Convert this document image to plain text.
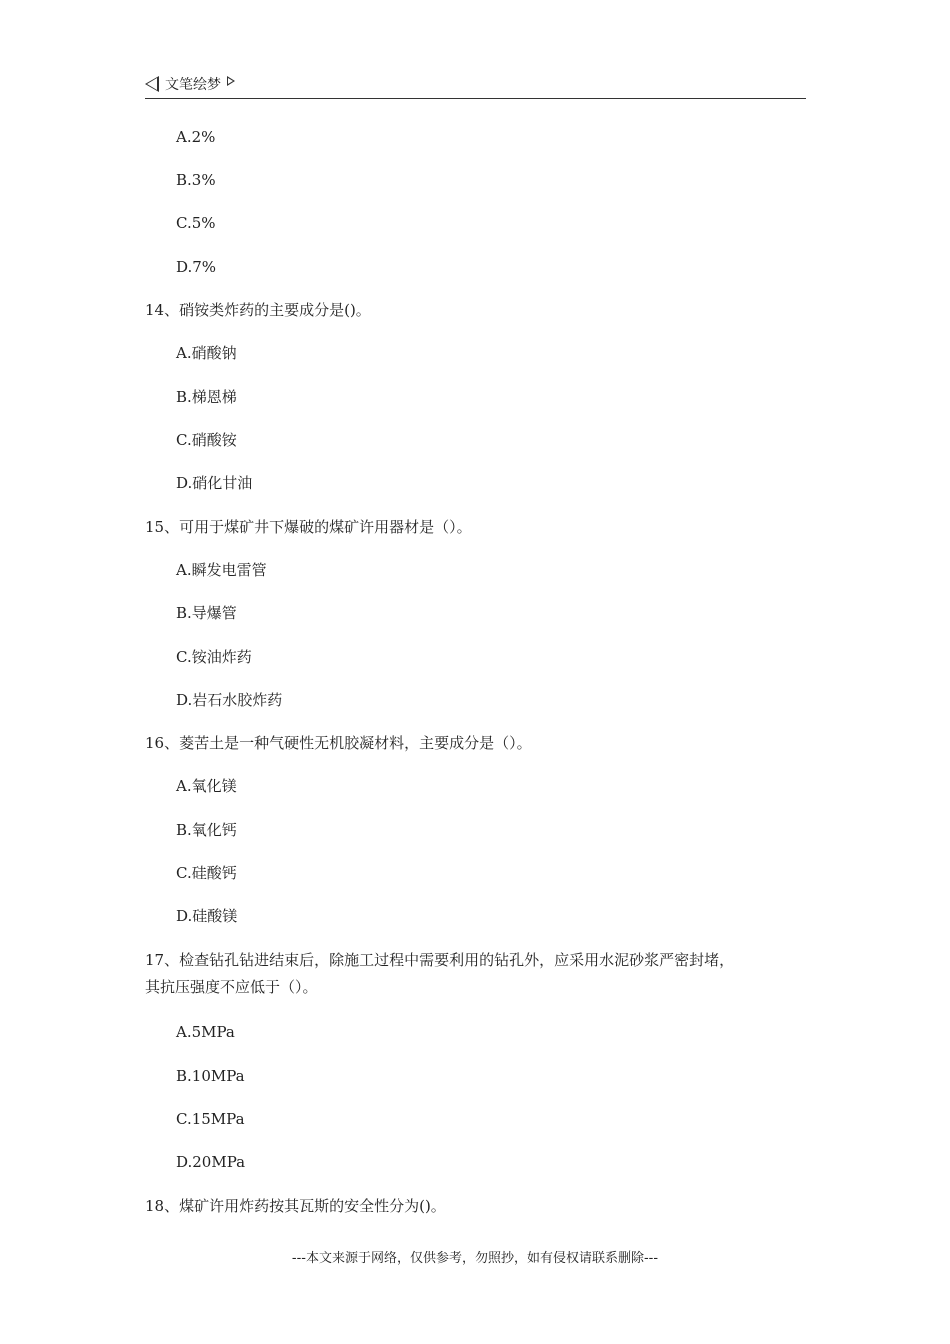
文笔绘梦
A.2%
B.3%
C.5%
D.7%
14、硝铵类炸药的主要成分是()。
A.硝酸钠
B.梯恩梯
C.硝酸铵
D.硝化甘油
15、可用于煤矿井下爆破的煤矿许用器材是（）。
A.瞬发电雷管
B.导爆管
C.铵油炸药
D.岩石水胶炸药
16、菱苦土是一种气硬性无机胶凝材料，主要成分是（）。
A.氧化镁
B.氧化钙
C.硅酸钙
D.硅酸镁
17、检查钻孔钻进结束后，除施工过程中需要利用的钻孔外，应采用水泥砂浆严密封堵，
其抗压强度不应低于（）。
A.5MPa
B.10MPa
C.15MPa
D.20MPa
18、煤矿许用炸药按其瓦斯的安全性分为()。
---本文来源于网络，仅供参考，勿照抄，如有侵权请联系删除---
